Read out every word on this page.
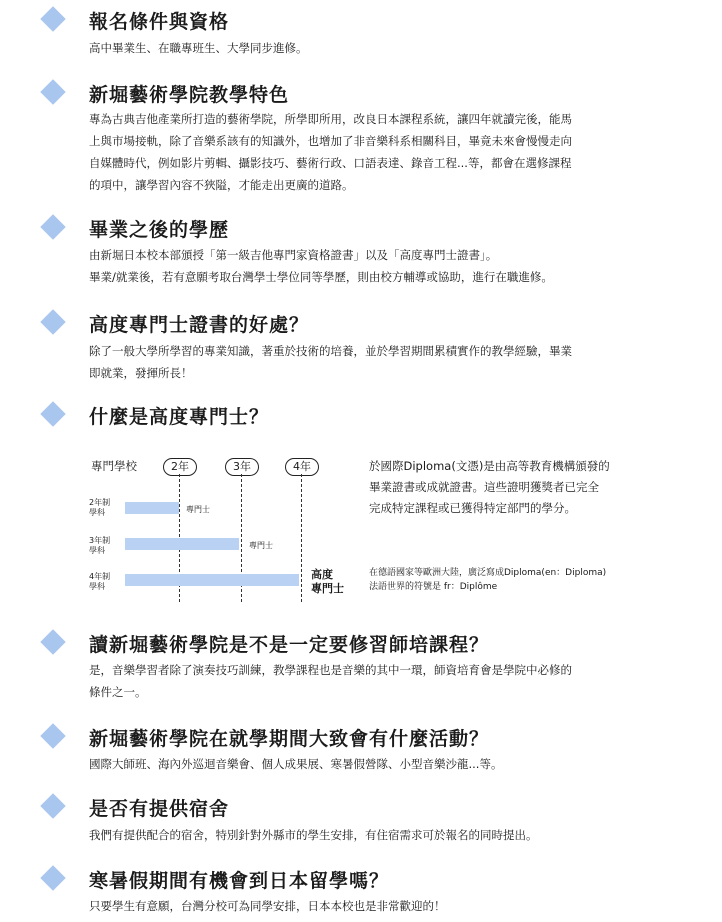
報名條件與資格

高中畢業生、在職專班生、大學同步進修。

新堀藝術學院教學特色

專為古典吉他產業所打造的藝術學院，所學即所用，改良日本課程系統，讓四年就讀完後，能馬

上與市場接軌，除了音樂系該有的知識外，也增加了非音樂科系相關科目，畢竟未來會慢慢走向

自媒體時代，例如影片剪輯、攝影技巧、藝術行政、口語表達、錄音工程...等，都會在選修課程

的項中，讓學習內容不狹隘，才能走出更廣的道路。

畢業之後的學歷

由新堀日本校本部頒授「第一級吉他專門家資格證書」以及「高度專門士證書」。

畢業/就業後，若有意願考取台灣學士學位同等學歷，則由校方輔導或協助，進行在職進修。

高度專門士證書的好處？

除了一般大學所學習的專業知識，著重於技術的培養，並於學習期間累積實作的教學經驗，畢業

即就業，發揮所長！

什麼是高度專門士？
專門學校	2年	3年	4年
2年制
學科	專門士
3年制
學科
專門士
4年制
學科
高度
專門士
於國際Diploma(文憑)是由高等教育機構頒發的
畢業證書或成就證書。這些證明獲獎者已完全
完成特定課程或已獲得特定部門的學分。
在德語國家等歐洲大陸，廣泛寫成Diploma(en：Diploma)
法語世界的符號是 fr：Diplôme
讀新堀藝術學院是不是一定要修習師培課程？

是，音樂學習者除了演奏技巧訓練，教學課程也是音樂的其中一環，師資培育會是學院中必修的

條件之一。

新堀藝術學院在就學期間大致會有什麼活動？

國際大師班、海內外巡迴音樂會、個人成果展、寒暑假營隊、小型音樂沙龍...等。

是否有提供宿舍

我們有提供配合的宿舍，特別針對外縣市的學生安排，有住宿需求可於報名的同時提出。

寒暑假期間有機會到日本留學嗎？

只要學生有意願，台灣分校可為同學安排，日本本校也是非常歡迎的！
